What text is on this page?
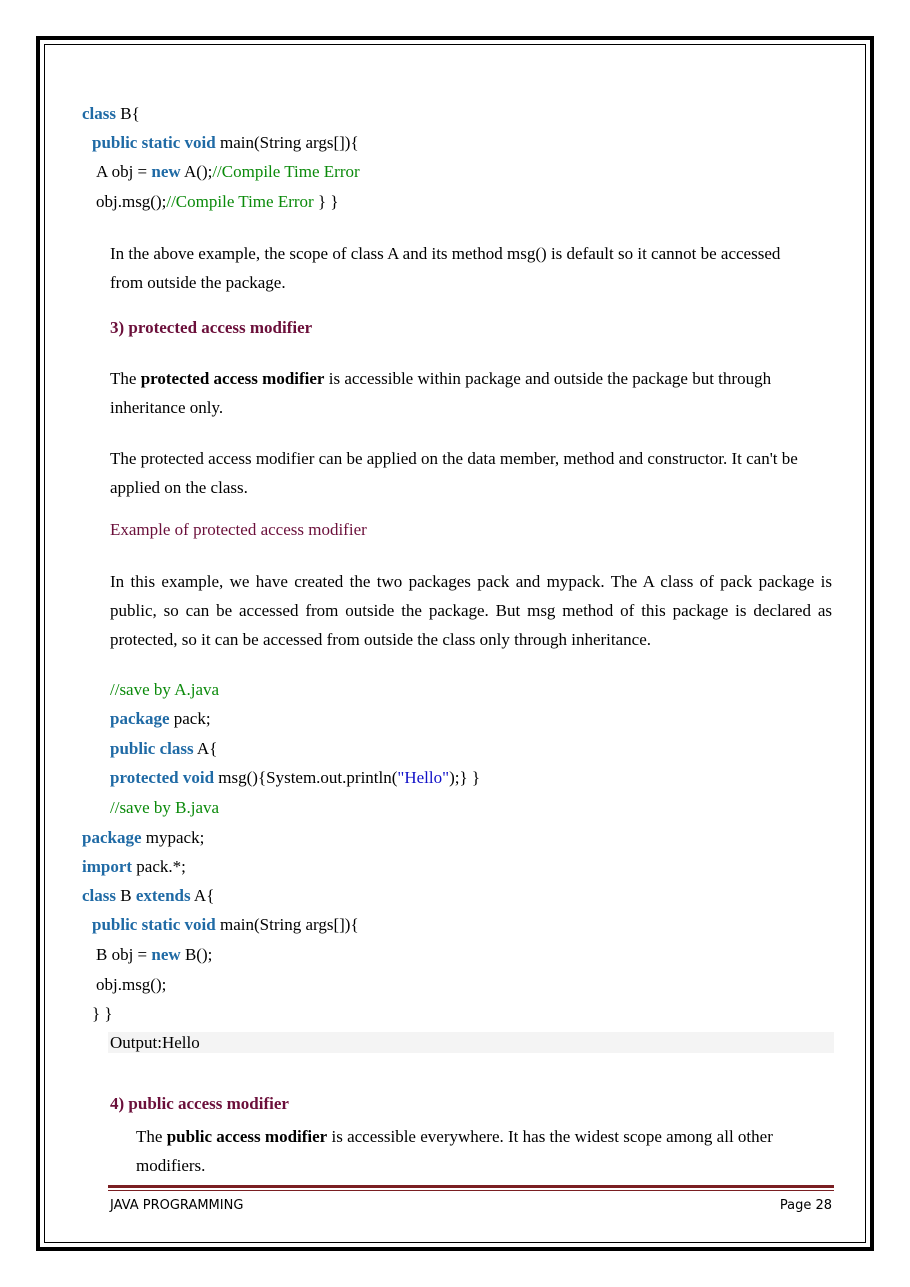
class B{
public static void main(String args[]){
A obj = new A();//Compile Time Error
obj.msg();//Compile Time Error } }
In the above example, the scope of class A and its method msg() is default so it cannot be accessed from outside the package.
3) protected access modifier
The protected access modifier is accessible within package and outside the package but through inheritance only.
The protected access modifier can be applied on the data member, method and constructor. It can't be applied on the class.
Example of protected access modifier
In this example, we have created the two packages pack and mypack. The A class of pack package is public, so can be accessed from outside the package. But msg method of this package is declared as protected, so it can be accessed from outside the class only through inheritance.
//save by A.java
package pack;
public class A{
protected void msg(){System.out.println("Hello");} }
//save by B.java
package mypack;
import pack.*;
class B extends A{
public static void main(String args[]){
B obj = new B();
obj.msg();
} }
Output:Hello
4) public access modifier
The public access modifier is accessible everywhere. It has the widest scope among all other modifiers.
JAVA PROGRAMMING	Page 28
